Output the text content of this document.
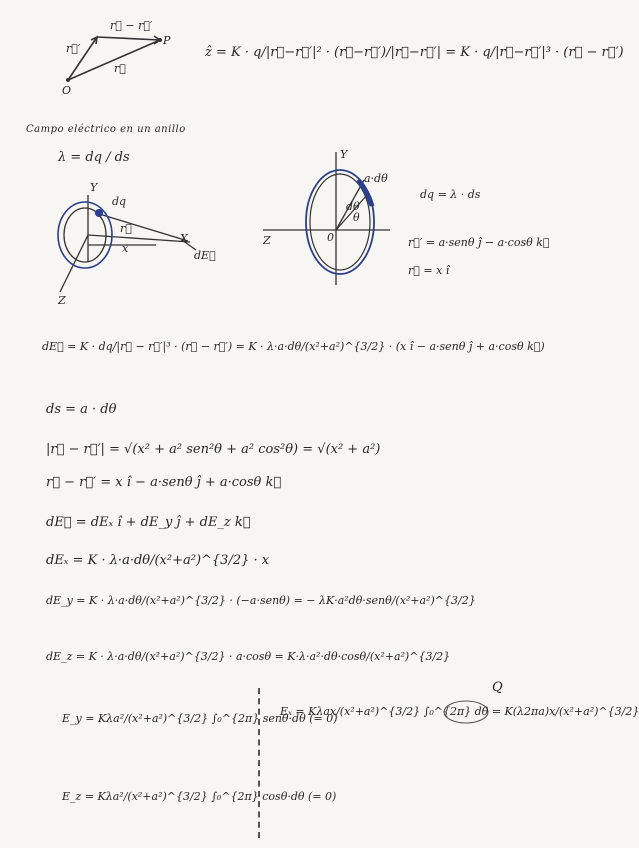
r⃗ − r⃗′
r⃗′
r⃗
P
O
ẑ = K · q/|r⃗−r⃗′|² · (r⃗−r⃗′)/|r⃗−r⃗′| = K · q/|r⃗−r⃗′|³ · (r⃗ − r⃗′)
Campo eléctrico en un anillo
λ = dq / ds
Y
X
Z
dq
r⃗
x
dE⃗
Y
Z
a·dθ
dθ
θ
0
dq = λ · ds
r⃗′ = a·senθ ĵ − a·cosθ k⃗
r⃗ = x î
dE⃗ = K · dq/|r⃗ − r⃗′|³ · (r⃗ − r⃗′) = K · λ·a·dθ/(x²+a²)^{3/2} · (x î − a·senθ ĵ + a·cosθ k⃗)
ds = a · dθ
|r⃗ − r⃗′| = √(x² + a² sen²θ + a² cos²θ) = √(x² + a²)
r⃗ − r⃗′ = x î − a·senθ ĵ + a·cosθ k⃗
dE⃗ = dEₓ î + dE_y ĵ + dE_z k⃗
dEₓ = K · λ·a·dθ/(x²+a²)^{3/2} · x
dE_y = K · λ·a·dθ/(x²+a²)^{3/2} · (−a·senθ) = − λK·a²dθ·senθ/(x²+a²)^{3/2}
dE_z = K · λ·a·dθ/(x²+a²)^{3/2} · a·cosθ = K·λ·a²·dθ·cosθ/(x²+a²)^{3/2}
E_y = Kλa²/(x²+a²)^{3/2} ∫₀^{2π} senθ·dθ (= 0)
Eₓ = Kλax/(x²+a²)^{3/2} ∫₀^{2π} dθ = K(λ2πa)x/(x²+a²)^{3/2}
Q
E_z = Kλa²/(x²+a²)^{3/2} ∫₀^{2π} cosθ·dθ (= 0)
